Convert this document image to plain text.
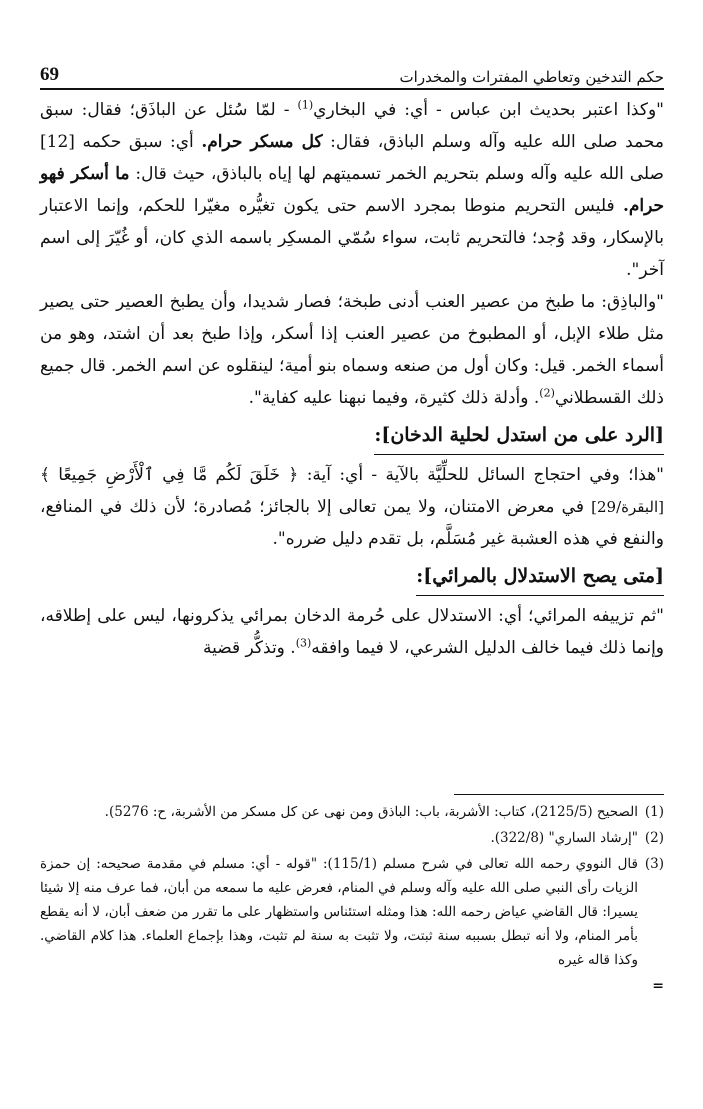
69	حكم التدخين وتعاطي المفترات والمخدرات

"وكذا اعتبر بحديث ابن عباس - أي: في البخاري$^{(1)}$ - لمّا سُئل عن الباذَق؛ فقال: سبق محمد صلى الله عليه وآله وسلم الباذق، فقال: كل مسكر حرام. أي: سبق حكمه [12] صلى الله عليه وآله وسلم بتحريم الخمر تسميتهم لها إياه بالباذق، حيث قال: ما أسكر فهو حرام. فليس التحريم منوطا بمجرد الاسم حتى يكون تغيُّره مغيّرا للحكم، وإنما الاعتبار بالإسكار، وقد وُجد؛ فالتحريم ثابت، سواء سُمّي المسكِر باسمه الذي كان، أو غُيّرَ إلى اسم آخر".

"والباذِق: ما طبخ من عصير العنب أدنى طبخة؛ فصار شديدا، وأن يطبخ العصير حتى يصير مثل طلاء الإبل، أو المطبوخ من عصير العنب إذا أسكر، وإذا طبخ بعد أن اشتد، وهو من أسماء الخمر. قيل: وكان أول من صنعه وسماه بنو أمية؛ لينقلوه عن اسم الخمر. قال جميع ذلك القسطلاني$^{(2)}$. وأدلة ذلك كثيرة، وفيما نبهنا عليه كفاية".

[الرد على من استدل لحلية الدخان]:

"هذا؛ وفي احتجاج السائل للحلِّيَّة بالآية - أي: آية: ﴿ خَلَقَ لَكُم مَّا فِي ٱلْأَرْضِ جَمِيعًا ﴾ [البقرة/29] في معرض الامتنان، ولا يمن تعالى إلا بالجائز؛ مُصادرة؛ لأن ذلك في المنافع، والنفع في هذه العشبة غير مُسَلَّم، بل تقدم دليل ضرره".

[متى يصح الاستدلال بالمرائي]:

"ثم تزييفه المرائي؛ أي: الاستدلال على حُرمة الدخان بمرائي يذكرونها، ليس على إطلاقه، وإنما ذلك فيما خالف الدليل الشرعي، لا فيما وافقه$^{(3)}$. وتذكُّر قضية

(1)
الصحيح (2125/5)، كتاب: الأشربة، باب: الباذق ومن نهى عن كل مسكر من الأشربة، ح: 5276).

(2)
"إرشاد الساري" (322/8).

(3)
قال النووي رحمه الله تعالى في شرح مسلم (115/1): "قوله - أي: مسلم في مقدمة صحيحه: إن حمزة الزيات رأى النبي صلى الله عليه وآله وسلم في المنام، فعرض عليه ما سمعه من أبان، فما عرف منه إلا شيئا يسيرا: قال القاضي عياض رحمه الله: هذا ومثله استئناس واستظهار على ما تقرر من ضعف أبان، لا أنه يقطع بأمر المنام، ولا أنه تبطل بسببه سنة ثبتت، ولا تثبت به سنة لم تثبت، وهذا بإجماع العلماء. هذا كلام القاضي. وكذا قاله غيره

=
